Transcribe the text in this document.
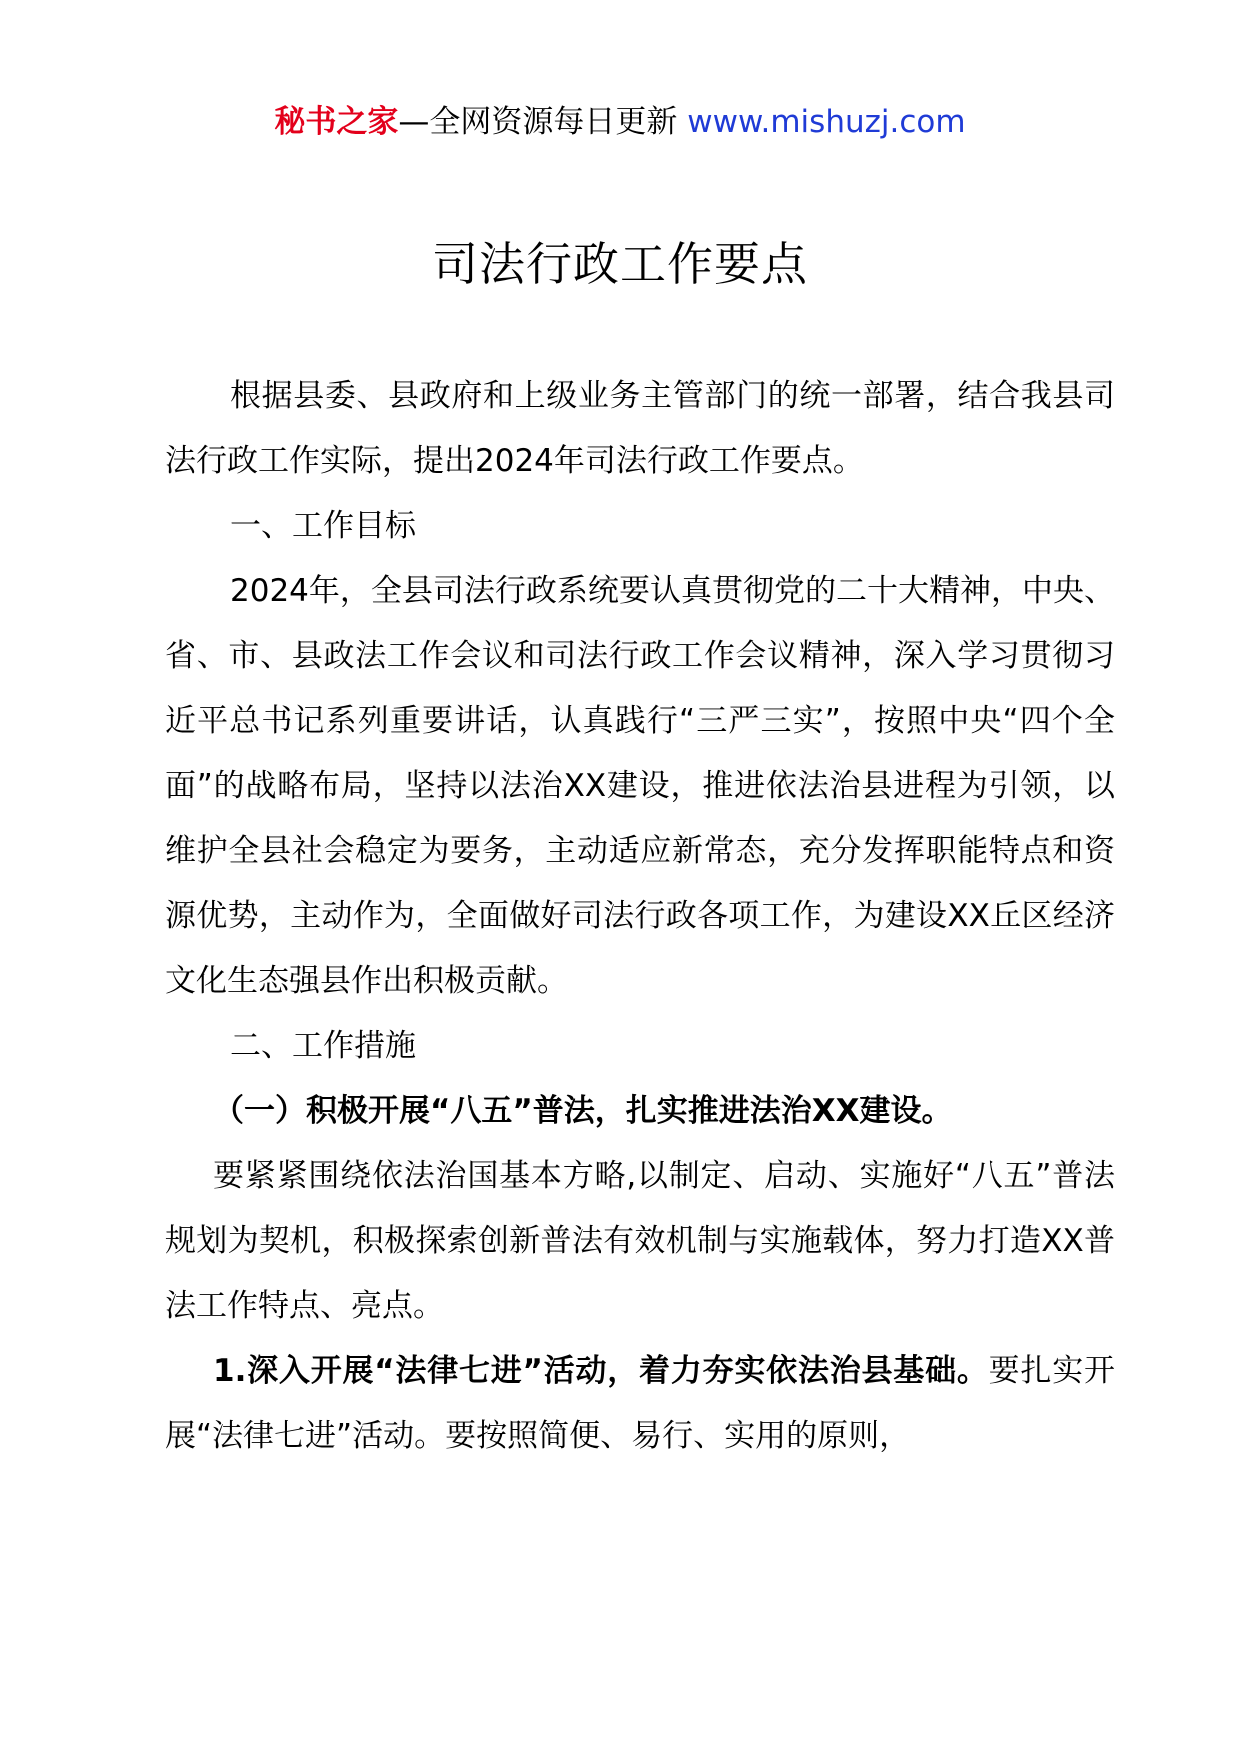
秘书之家—全网资源每日更新 www.mishuzj.com
司法行政工作要点

根据县委、县政府和上级业务主管部门的统一部署，结合我县司法行政工作实际，提出2024年司法行政工作要点。

一、工作目标

2024年，全县司法行政系统要认真贯彻党的二十大精神，中央、省、市、县政法工作会议和司法行政工作会议精神，深入学习贯彻习近平总书记系列重要讲话，认真践行“三严三实”，按照中央“四个全面”的战略布局，坚持以法治XX建设，推进依法治县进程为引领，以维护全县社会稳定为要务，主动适应新常态，充分发挥职能特点和资源优势，主动作为，全面做好司法行政各项工作，为建设XX丘区经济文化生态强县作出积极贡献。

二、工作措施

（一）积极开展“八五”普法，扎实推进法治XX建设。

要紧紧围绕依法治国基本方略,以制定、启动、实施好“八五”普法规划为契机，积极探索创新普法有效机制与实施载体，努力打造XX普法工作特点、亮点。

1.深入开展“法律七进”活动，着力夯实依法治县基础。要扎实开展“法律七进”活动。要按照简便、易行、实用的原则，
